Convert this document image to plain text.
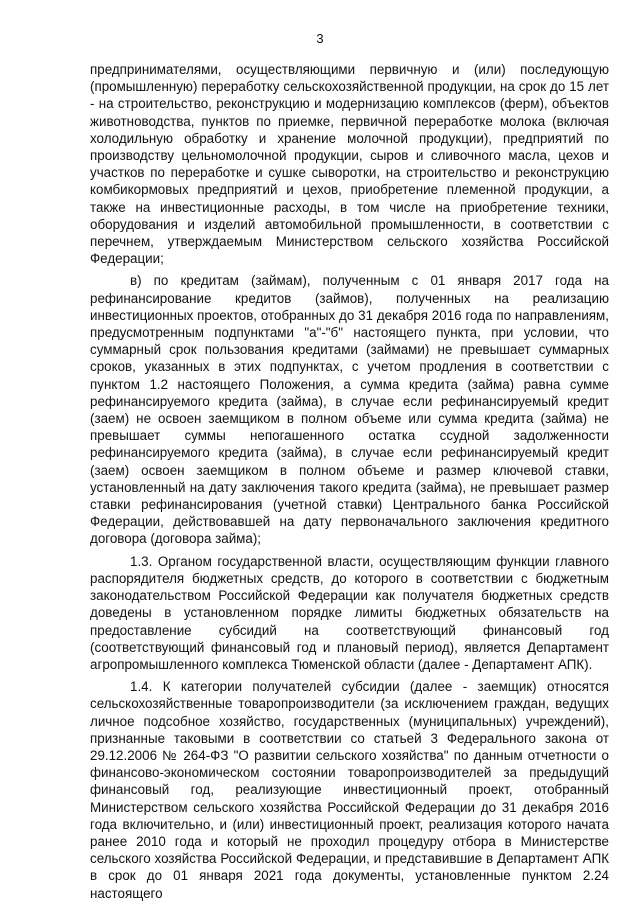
3

предпринимателями, осуществляющими первичную и (или) последующую (промышленную) переработку сельскохозяйственной продукции, на срок до 15 лет - на строительство, реконструкцию и модернизацию комплексов (ферм), объектов животноводства, пунктов по приемке, первичной переработке молока (включая холодильную обработку и хранение молочной продукции), предприятий по производству цельномолочной продукции, сыров и сливочного масла, цехов и участков по переработке и сушке сыворотки, на строительство и реконструкцию комбикормовых предприятий и цехов, приобретение племенной продукции, а также на инвестиционные расходы, в том числе на приобретение техники, оборудования и изделий автомобильной промышленности, в соответствии с перечнем, утверждаемым Министерством сельского хозяйства Российской Федерации;

в) по кредитам (займам), полученным с 01 января 2017 года на рефинансирование кредитов (займов), полученных на реализацию инвестиционных проектов, отобранных до 31 декабря 2016 года по направлениям, предусмотренным подпунктами "а"-"б" настоящего пункта, при условии, что суммарный срок пользования кредитами (займами) не превышает суммарных сроков, указанных в этих подпунктах, с учетом продления в соответствии с пунктом 1.2 настоящего Положения, а сумма кредита (займа) равна сумме рефинансируемого кредита (займа), в случае если рефинансируемый кредит (заем) не освоен заемщиком в полном объеме или сумма кредита (займа) не превышает суммы непогашенного остатка ссудной задолженности рефинансируемого кредита (займа), в случае если рефинансируемый кредит (заем) освоен заемщиком в полном объеме и размер ключевой ставки, установленный на дату заключения такого кредита (займа), не превышает размер ставки рефинансирования (учетной ставки) Центрального банка Российской Федерации, действовавшей на дату первоначального заключения кредитного договора (договора займа);

1.3. Органом государственной власти, осуществляющим функции главного распорядителя бюджетных средств, до которого в соответствии с бюджетным законодательством Российской Федерации как получателя бюджетных средств доведены в установленном порядке лимиты бюджетных обязательств на предоставление субсидий на соответствующий финансовый год (соответствующий финансовый год и плановый период), является Департамент агропромышленного комплекса Тюменской области (далее - Департамент АПК).

1.4. К категории получателей субсидии (далее - заемщик) относятся сельскохозяйственные товаропроизводители (за исключением граждан, ведущих личное подсобное хозяйство, государственных (муниципальных) учреждений), признанные таковыми в соответствии со статьей 3 Федерального закона от 29.12.2006 № 264-ФЗ "О развитии сельского хозяйства" по данным отчетности о финансово-экономическом состоянии товаропроизводителей за предыдущий финансовый год, реализующие инвестиционный проект, отобранный Министерством сельского хозяйства Российской Федерации до 31 декабря 2016 года включительно, и (или) инвестиционный проект, реализация которого начата ранее 2010 года и который не проходил процедуру отбора в Министерстве сельского хозяйства Российской Федерации, и представившие в Департамент АПК в срок до 01 января 2021 года документы, установленные пунктом 2.24 настоящего
